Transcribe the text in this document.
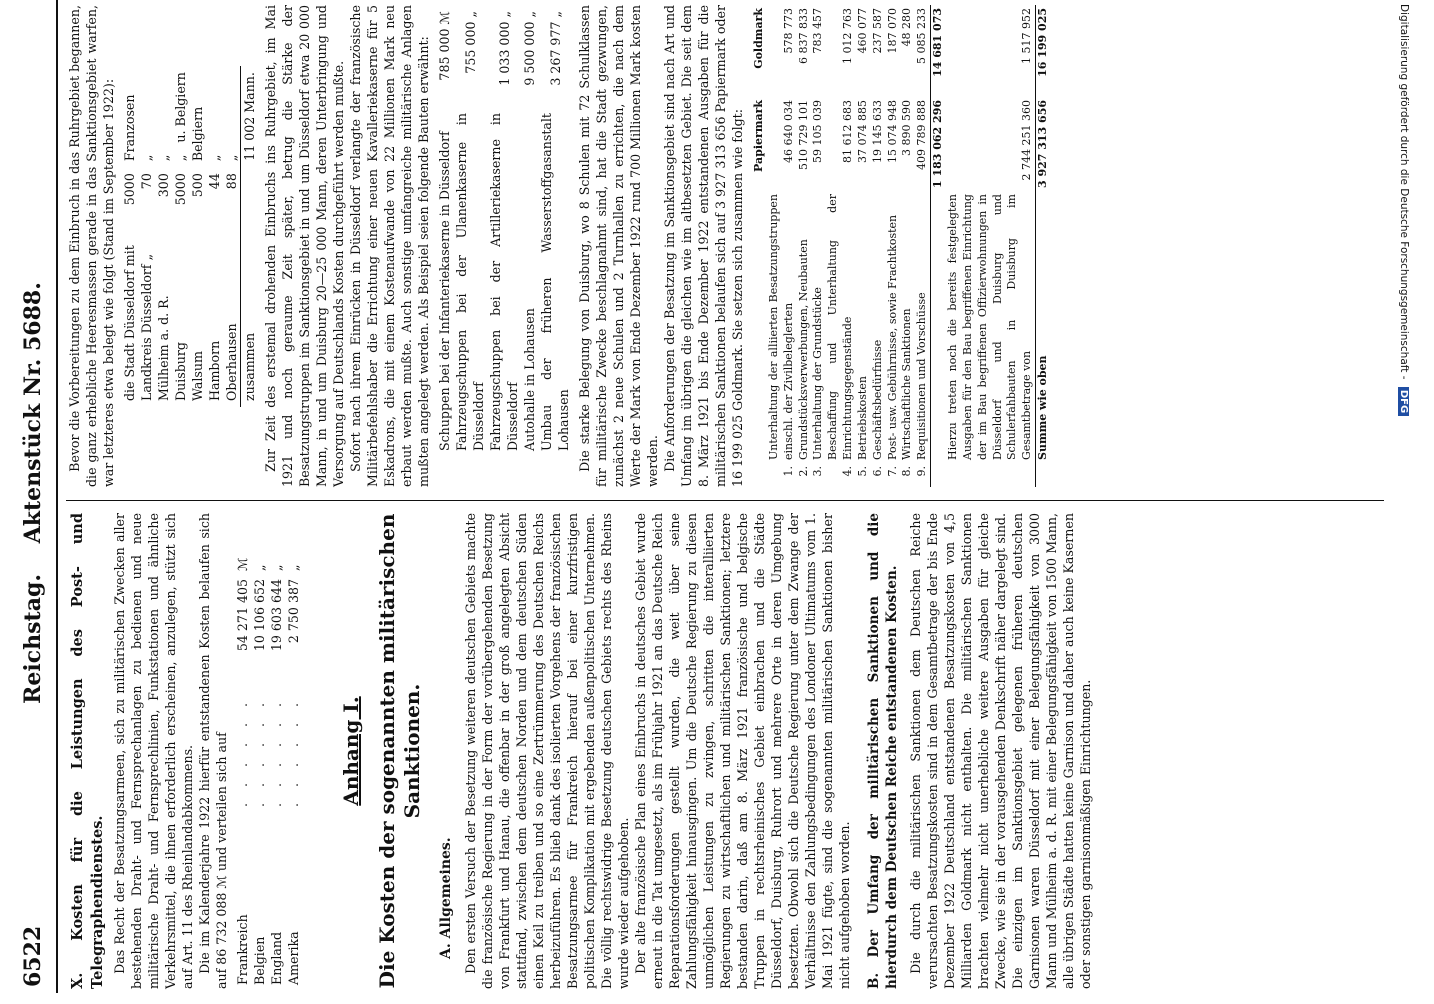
6522
Reichstag.    Aktenstück Nr. 5688.

X. Kosten für die Leistungen des Post- und Telegraphendienstes. Das Recht der Besatzungsarmeen, sich zu militärischen Zwecken aller bestehenden Draht- und Fernsprechanlagen zu bedienen und neue militärische Draht- und Fernsprechlinien, Funkstationen und ähnliche Verkehrsmittel, die ihnen erforderlich erscheinen, anzulegen, stützt sich auf Art. 11 des Rheinlandabkommens. Die im Kalenderjahre 1922 hierfür entstandenen Kosten belaufen sich auf 86 732 088 ℳ und verteilen sich auf Frankreich	. . . . . .	54 271 405	ℳ
Belgien	. . . . . .	10 106 652	„
England	. . . . . .	19 603 644	„
Amerika	. . . . . .	2 750 387	„
Anhang I. Die Kosten der sogenannten militärischen Sanktionen.

A. Allgemeines. Den ersten Versuch der Besetzung weiteren deutschen Gebiets machte die französische Regierung in der Form der vorübergehenden Besetzung von Frankfurt und Hanau, die offenbar in der groß angelegten Absicht stattfand, zwischen dem deutschen Norden und dem deutschen Süden einen Keil zu treiben und so eine Zertrümmerung des Deutschen Reichs herbeizuführen. Es blieb dank des isolierten Vorgehens der französischen Besatzungsarmee für Frankreich hierauf bei einer kurzfristigen politischen Komplikation mit ergebenden außenpolitischen Unternehmen. Die völlig rechtswidrige Besetzung deutschen Gebiets rechts des Rheins wurde wieder aufgehoben. Der alte französische Plan eines Einbruchs in deutsches Gebiet wurde erneut in die Tat umgesetzt, als im Frühjahr 1921 an das Deutsche Reich Reparationsforderungen gestellt wurden, die weit über seine Zahlungsfähigkeit hinausgingen. Um die Deutsche Regierung zu diesen unmöglichen Leistungen zu zwingen, schritten die interalliierten Regierungen zu wirtschaftlichen und militärischen Sanktionen; letztere bestanden darin, daß am 8. März 1921 französische und belgische Truppen in rechtsrheinisches Gebiet einbrachen und die Städte Düsseldorf, Duisburg, Ruhrort und mehrere Orte in deren Umgebung besetzten. Obwohl sich die Deutsche Regierung unter dem Zwange der Verhältnisse den Zahlungsbedingungen des Londoner Ultimatums vom 1. Mai 1921 fügte, sind die sogenannten militärischen Sanktionen bisher nicht aufgehoben worden. B. Der Umfang der militärischen Sanktionen und die hierdurch dem Deutschen Reiche entstandenen Kosten. Die durch die militärischen Sanktionen dem Deutschen Reiche verursachten Besatzungskosten sind in dem Gesamtbetrage der bis Ende Dezember 1922 Deutschland entstandenen Besatzungskosten von 4,5 Milliarden Goldmark nicht enthalten. Die militärischen Sanktionen brachten vielmehr nicht unerhebliche weitere Ausgaben für gleiche Zwecke, wie sie in der vorausgehenden Denkschrift näher dargelegt sind. Die einzigen im Sanktionsgebiet gelegenen früheren deutschen Garnisonen waren Düsseldorf mit einer Belegungsfähigkeit von 3000 Mann und Mülheim a. d. R. mit einer Belegungsfähigkeit von 1500 Mann, alle übrigen Städte hatten keine Garnison und daher auch keine Kasernen oder sonstigen garnisonmäßigen Einrichtungen.

Bevor die Vorbereitungen zu dem Einbruch in das Ruhrgebiet begannen, die ganz erhebliche Heeresmassen gerade in das Sanktionsgebiet warfen, war letzteres etwa belegt wie folgt (Stand im September 1922): die Stadt Düsseldorf mit	5000	Franzosen
Landkreis Düsseldorf „	70	„
Mülheim a. d. R.	300	„
Duisburg	5000	„   u. Belgiern
Walsum	500	Belgiern
Hamborn	44	„
Oberhausen	88	„
zusammen	11 002 Mann.	Zur Zeit des erstemal drohenden Einbruchs ins Ruhrgebiet, im Mai 1921 und noch geraume Zeit später, betrug die Stärke der Besatzungstruppen im Sanktionsgebiet in und um Düsseldorf etwa 20 000 Mann, in und um Duisburg 20—25 000 Mann, deren Unterbringung und Versorgung auf Deutschlands Kosten durchgeführt werden mußte. Sofort nach ihrem Einrücken in Düsseldorf verlangte der französische Militärbefehlshaber die Errichtung einer neuen Kavalleriekaserne für 5 Eskadrons, die mit einem Kostenaufwande von 22 Millionen Mark neu erbaut werden mußte. Auch sonstige umfangreiche militärische Anlagen mußten angelegt werden. Als Beispiel seien folgende Bauten erwähnt: Schuppen bei der Infanteriekaserne in Düsseldorf	785 000 ℳ
Fahrzeugschuppen bei der Ulanenkaserne in Düsseldorf	755 000 „
Fahrzeugschuppen bei der Artilleriekaserne in Düsseldorf	1 033 000 „
Autohalle in Lohausen	9 500 000 „
Umbau der früheren Wasserstoffgasanstalt Lohausen	3 267 977 „ Die starke Belegung von Duisburg, wo 8 Schulen mit 72 Schulklassen für militärische Zwecke beschlagnahmt sind, hat die Stadt gezwungen, zunächst 2 neue Schulen und 2 Turnhallen zu errichten, die nach dem Werte der Mark von Ende Dezember 1922 rund 700 Millionen Mark kosten werden. Die Anforderungen der Besatzung im Sanktionsgebiet sind nach Art und Umfang im übrigen die gleichen wie im altbesetzten Gebiet. Die seit dem 8. März 1921 bis Ende Dezember 1922 entstandenen Ausgaben für die militärischen Sanktionen belaufen sich auf 3 927 313 656 Papiermark oder 16 199 025 Goldmark. Sie setzen sich zusammen wie folgt:

		Papiermark	Goldmark
1.	Unterhaltung der alliierten Besatzungstruppen einschl. der Zivilbeleglerten	46 640 034	578 773
2.	Grundstücksverwerbungen, Neubauten	510 729 101	6 837 833
3.	Unterhaltung der Grundstücke	59 105 039	783 457
4.	Beschaffung und Unterhaltung der Einrichtungsgegenstände	81 612 683	1 012 763
5.	Betriebskosten	37 074 885	460 077
6.	Geschäftsbedürfnisse	19 145 633	237 587
7.	Post- usw. Gebührnisse, sowie Frachtkosten	15 074 948	187 070
8.	Wirtschaftliche Sanktionen	3 890 590	48 280
9.	Requisitionen und Vorschüsse	409 789 888	5 085 233
		1 183 062 296	14 681 073
	Hierzu treten noch die bereits festgelegten Ausgaben für den Bau begriffenen Einrichtung der im Bau begriffenen Offizierwohnungen in Düsseldorf und Duisburg und Schulerfahbauten in Duisburg im Gesamtbetrage von	2 744 251 360	1 517 952
	Summe wie oben	3 927 313 656	16 199 025	Digitalisierung gefördert durch die Deutsche Forschungsgemeinschaft - DFG
